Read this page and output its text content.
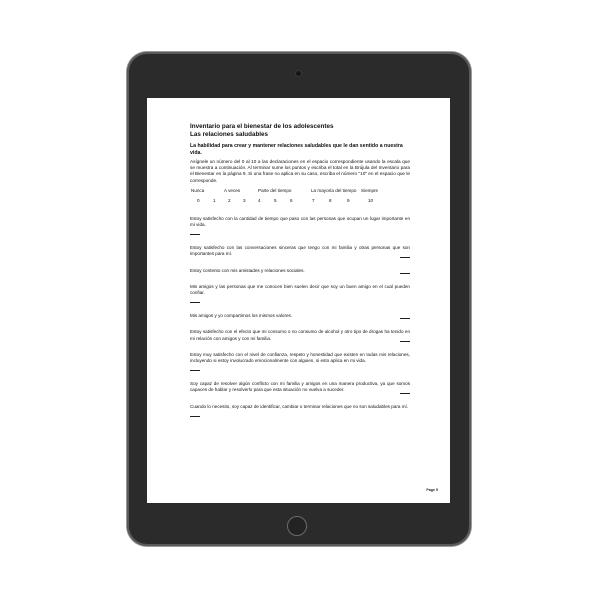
Inventario para el bienestar de los adolescentes
Las relaciones saludables
La habilidad para crear y mantener relaciones saludables que le dan sentido a nuestra vida.
Asígnele un número del 0 al 10 a las declaraciones en el espacio correspondiente usando la escala que se muestra a continuación. Al terminar sume los puntos y escriba el total en la Brújula del Inventario para el Bienestar en la página 9. Si una frase no aplica en su caso, escriba el número "10" en el espacio que le corresponde.
Nunca	A veces	Parte del tiempo	La mayoría del tiempo Siempre
0	1	2	3	4	5	6	7	8	9	10
Estoy satisfecho con la cantidad de tiempo que paso con las personas que ocupan un lugar importante en mi vida.
Estoy satisfecho con las conversaciones sinceras que tengo con mi familia y otras personas que son importantes para mí.
Estoy contento con mis amistades y relaciones sociales.
Mis amigos y las personas que me conocen bien suelen decir que soy un buen amigo en el cual pueden confiar.
Mis amigos y yo compartimos los mismos valores.
Estoy satisfecho con el efecto que mi consumo o no consumo de alcohol y otro tipo de drogas ha tenido en mi relación con amigos y con mi familia.
Estoy muy satisfecho con el nivel de confianza, respeto y honestidad que existen en todas mis relaciones, incluyendo si estoy involucrado emocionalmente con alguien, si esto aplica en mi vida.
Soy capaz de resolver algún conflicto con mi familia y amigos en una manera productiva, ya que somos capaces de hablar y resolverlo para que esta situación no vuelva a suceder.
Cuando lo necesito, soy capaz de identificar, cambiar o terminar relaciones que no son saludables para mí.
Page 5
